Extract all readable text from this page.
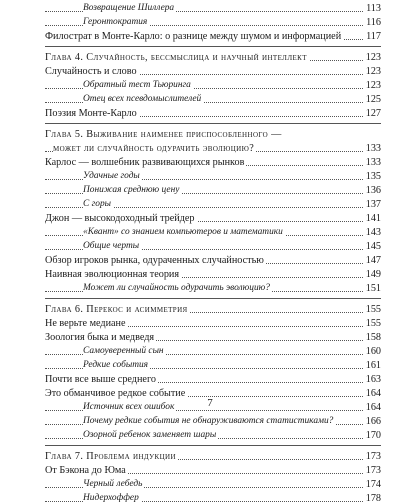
Возвращение Шиллера	113
Геронтократия	116
Филострат в Монте-Карло: о разнице между шумом и информацией 117
Глава 4. Случайность, бессмыслица и научный интеллект	123
Случайность и слово	123
Обратный тест Тьюринга	123
Отец всех псевдомыслителей	125
Поэзия Монте-Карло	127
Глава 5. Выживание наименее приспособленного —
может ли случайность одурачить эволюцию?	133
Карлос — волшебник развивающихся рынков	133
Удачные годы	135
Понижая среднюю цену	136
С горы	137
Джон — высокодоходный трейдер	141
«Квант» со знанием компьютеров и математики	143
Общие черты	145
Обзор игроков рынка, одураченных случайностью	147
Наивная эволюционная теория	149
Может ли случайность одурачить эволюцию?	151
Глава 6. Перекос и асимметрия	155
Не верьте медиане	155
Зоология быка и медведя	158
Самоуверенный сын	160
Редкие события	161
Почти все выше среднего	163
Это обманчивое редкое событие	164
Источник всех ошибок	164
Почему редкие события не обнаруживаются статистиками?	166
Озорной ребенок заменяет шары	170
Глава 7. Проблема индукции	173
От Бэкона до Юма	173
Черный лебедь	174
Нидерхоффер	178
7
